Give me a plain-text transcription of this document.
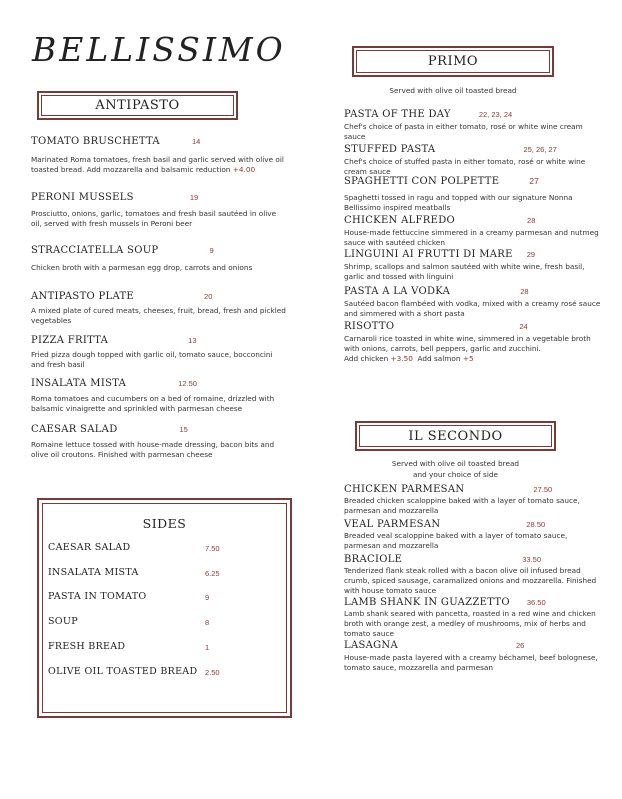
BELLISSIMO
ANTIPASTO
TOMATO BRUSCHETTA	14
Marinated Roma tomatoes, fresh basil and garlic served with olive oil toasted bread. Add mozzarella and balsamic reduction +4.00
PERONI MUSSELS	19
Prosciutto, onions, garlic, tomatoes and fresh basil sautéed in olive oil, served with fresh mussels in Peroni beer
STRACCIATELLA SOUP	9
Chicken broth with a parmesan egg drop, carrots and onions
ANTIPASTO PLATE	20
A mixed plate of cured meats, cheeses, fruit, bread, fresh and pickled vegetables
PIZZA FRITTA	13
Fried pizza dough topped with garlic oil, tomato sauce, bocconcini and fresh basil
INSALATA MISTA	12.50
Roma tomatoes and cucumbers on a bed of romaine, drizzled with balsamic vinaigrette and sprinkled with parmesan cheese
CAESAR SALAD	15
Romaine lettuce tossed with house-made dressing, bacon bits and olive oil croutons. Finished with parmesan cheese
SIDES
CAESAR SALAD	7.50
INSALATA MISTA	6.25
PASTA IN TOMATO	9
SOUP	8
FRESH BREAD	1
OLIVE OIL TOASTED BREAD 2.50
PRIMO
Served with olive oil toasted bread
PASTA OF THE DAY	22, 23, 24
Chef's choice of pasta in either tomato, rosé or white wine cream sauce
STUFFED PASTA	25, 26, 27
Chef's choice of stuffed pasta in either tomato, rosé or white wine cream sauce
SPAGHETTI CON POLPETTE	27
Spaghetti tossed in ragu and topped with our signature Nonna Bellissimo inspired meatballs
CHICKEN ALFREDO	28
House-made fettuccine simmered in a creamy parmesan and nutmeg sauce with sautéed chicken
LINGUINI AI FRUTTI DI MARE 29
Shrimp, scallops and salmon sautéed with white wine, fresh basil, garlic and tossed with linguini
PASTA A LA VODKA	28
Sautéed bacon flambéed with vodka, mixed with a creamy rosé sauce and simmered with a short pasta
RISOTTO	24
Carnaroli rice toasted in white wine, simmered in a vegetable broth with onions, carrots, bell peppers, garlic and zucchini.
Add chicken +3.50 Add salmon +5
IL SECONDO
Served with olive oil toasted bread
and your choice of side
CHICKEN PARMESAN	27.50
Breaded chicken scaloppine baked with a layer of tomato sauce, parmesan and mozzarella
VEAL PARMESAN	28.50
Breaded veal scaloppine baked with a layer of tomato sauce, parmesan and mozzarella
BRACIOLE	33.50
Tenderized flank steak rolled with a bacon olive oil infused bread crumb, spiced sausage, caramalized onions and mozzarella. Finished with house tomato sauce
LAMB SHANK IN GUAZZETTO 36.50
Lamb shank seared with pancetta, roasted in a red wine and chicken broth with orange zest, a medley of mushrooms, mix of herbs and tomato sauce
LASAGNA	26
House-made pasta layered with a creamy béchamel, beef bolognese, tomato sauce, mozzarella and parmesan
